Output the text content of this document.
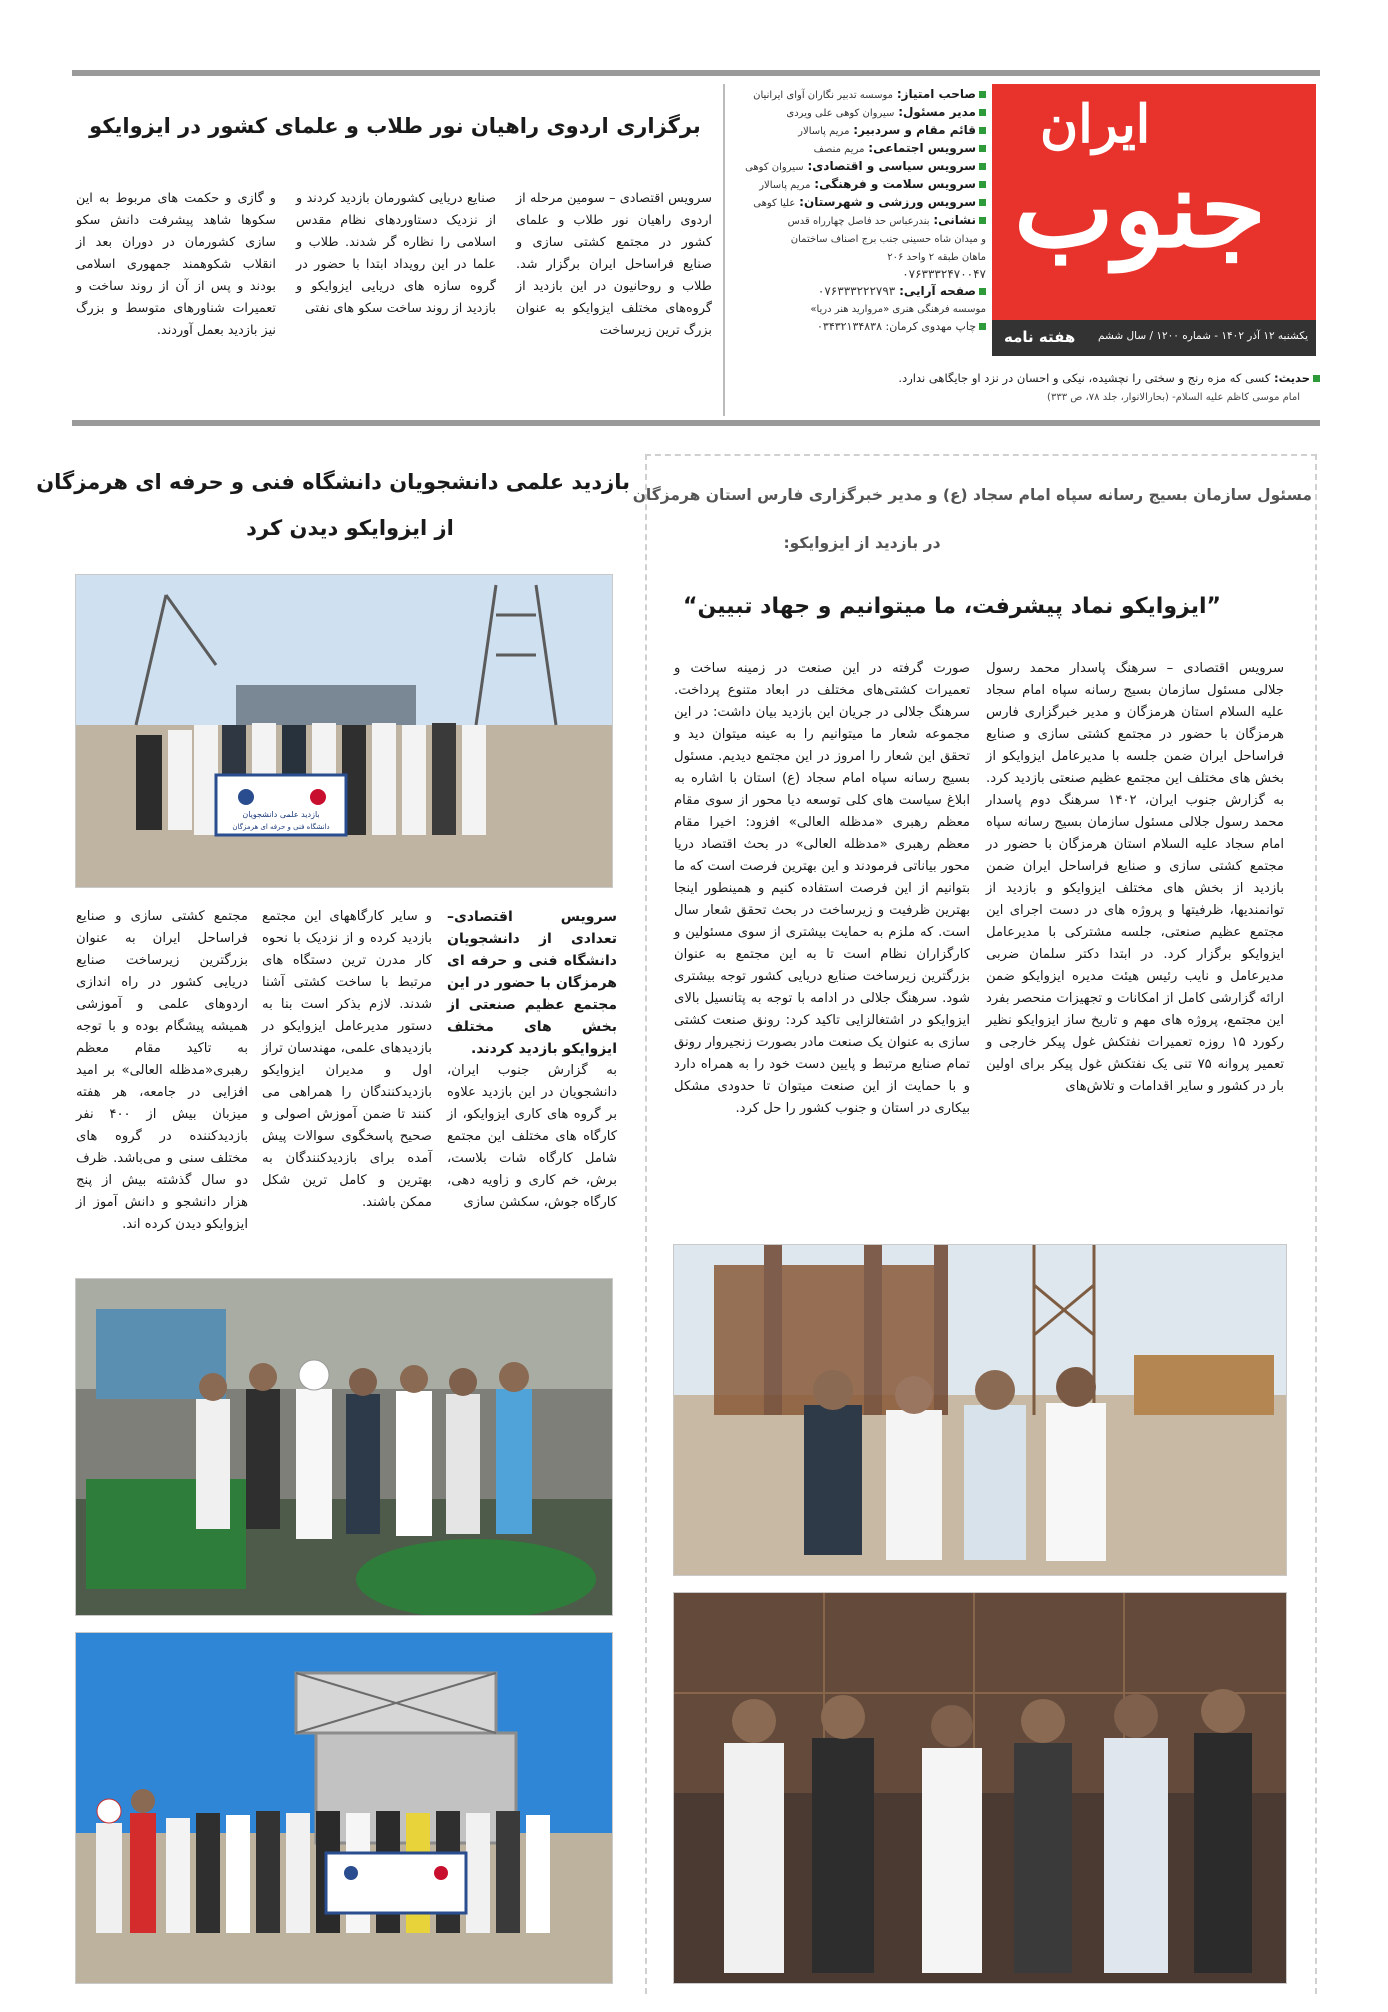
ایران
جنوب
هفته نامه یکشنبه ۱۲ آذر ۱۴۰۲ - شماره ۱۲۰۰ / سال ششم
صاحب امتیاز: موسسه تدبیر نگاران آوای ایرانیان
مدیر مسئول: سیروان کوهی علی ویردی
قائم مقام و سردبیر: مریم پاسالار
سرویس اجتماعی: مریم منصف
سرویس سیاسی و اقتصادی: سیروان کوهی
سرویس سلامت و فرهنگی: مریم پاسالار
سرویس ورزشی و شهرستان: علیا کوهی
نشانی: بندرعباس حد فاصل چهارراه قدس
و میدان شاه حسینی جنب برج اصناف ساختمان
ماهان طبقه ۲ واحد ۲۰۶
۰۷۶۳۳۳۲۴۷۰۰۴۷
صفحه آرایی: ۰۷۶۳۳۳۲۲۲۷۹۳
موسسه فرهنگی هنری «مروارید هنر دریا»
چاپ مهدوی کرمان: ۰۳۴۳۲۱۳۴۸۳۸
حدیث: کسی که مزه رنج و سختی را نچشیده، نیکی و احسان در نزد او جایگاهی ندارد.
امام موسی کاظم علیه السلام- (بحارالانوار، جلد ۷۸، ص ۳۳۳)
برگزاری اردوی راهیان نور طلاب و علمای کشور در ایزوایکو
سرویس اقتصادی – سومین مرحله از اردوی راهیان نور طلاب و علمای کشور در مجتمع کشتی سازی و صنایع فراساحل ایران برگزار شد. طلاب و روحانیون در این بازدید از گروه‌های مختلف ایزوایکو به عنوان بزرگ ترین زیرساخت
صنایع دریایی کشورمان بازدید کردند و از نزدیک دستاوردهای نظام مقدس اسلامی را نظاره گر شدند. طلاب و علما در این رویداد ابتدا با حضور در گروه سازه های دریایی ایزوایکو و بازدید از روند ساخت سکو های نفتی
و گازی و حکمت های مربوط به این سکوها شاهد پیشرفت دانش سکو سازی کشورمان در دوران بعد از انقلاب شکوهمند جمهوری اسلامی بودند و پس از آن از روند ساخت و تعمیرات شناورهای متوسط و بزرگ نیز بازدید بعمل آوردند.
مسئول سازمان بسیج رسانه سپاه امام سجاد (ع) و مدیر خبرگزاری فارس استان هرمزگان
در بازدید از ایزوایکو:
”ایزوایکو نماد پیشرفت، ما میتوانیم و جهاد تبیین“
سرویس اقتصادی – سرهنگ پاسدار محمد رسول جلالی مسئول سازمان بسیج رسانه سپاه امام سجاد علیه السلام استان هرمزگان و مدیر خبرگزاری فارس هرمزگان با حضور در مجتمع کشتی سازی و صنایع فراساحل ایران ضمن جلسه با مدیرعامل ایزوایکو از بخش های مختلف این مجتمع عظیم صنعتی بازدید کرد. به گزارش جنوب ایران، ۱۴۰۲ سرهنگ دوم پاسدار محمد رسول جلالی مسئول سازمان بسیج رسانه سپاه امام سجاد علیه السلام استان هرمزگان با حضور در مجتمع کشتی سازی و صنایع فراساحل ایران ضمن بازدید از بخش های مختلف ایزوایکو و بازدید از توانمندیها، ظرفیتها و پروژه های در دست اجرای این مجتمع عظیم صنعتی، جلسه مشترکی با مدیرعامل ایزوایکو برگزار کرد. در ابتدا دکتر سلمان ضربی مدیرعامل و نایب رئیس هیئت مدیره ایزوایکو ضمن ارائه گزارشی کامل از امکانات و تجهیزات منحصر بفرد این مجتمع، پروژه های مهم و تاریخ ساز ایزوایکو نظیر رکورد ۱۵ روزه تعمیرات نفتکش غول پیکر خارجی و تعمیر پروانه ۷۵ تنی یک نفتکش غول پیکر برای اولین بار در کشور و سایر اقدامات و تلاش‌های
صورت گرفته در این صنعت در زمینه ساخت و تعمیرات کشتی‌های مختلف در ابعاد متنوع پرداخت. سرهنگ جلالی در جریان این بازدید بیان داشت: در این مجموعه شعار ما میتوانیم را به عینه میتوان دید و تحقق این شعار را امروز در این مجتمع دیدیم. مسئول بسیج رسانه سپاه امام سجاد (ع) استان با اشاره به ابلاغ سیاست های کلی توسعه دیا محور از سوی مقام معظم رهبری «مدظله العالی» افزود: اخیرا مقام معظم رهبری «مدظله العالی» در بحث اقتصاد دریا محور بیاناتی فرمودند و این بهترین فرصت است که ما بتوانیم از این فرصت استفاده کنیم و همینطور اینجا بهترین ظرفیت و زیرساخت در بحث تحقق شعار سال است. که ملزم به حمایت بیشتری از سوی مسئولین و کارگزاران نظام است تا به این مجتمع به عنوان بزرگترین زیرساخت صنایع دریایی کشور توجه بیشتری شود. سرهنگ جلالی در ادامه با توجه به پتانسیل بالای ایزوایکو در اشتغالزایی تاکید کرد: رونق صنعت کشتی سازی به عنوان یک صنعت مادر بصورت زنجیروار رونق تمام صنایع مرتبط و پایین دست خود را به همراه دارد و با حمایت از این صنعت میتوان تا حدودی مشکل بیکاری در استان و جنوب کشور را حل کرد.
بازدید علمی دانشجویان دانشگاه فنی و حرفه ای هرمزگان
از ایزوایکو دیدن کرد
بازدید علمی دانشجویان
دانشگاه فنی و حرفه ای هرمزگان

سرویس اقتصادی– تعدادی از دانشجویان دانشگاه فنی و حرفه ای هرمزگان با حضور در این مجتمع عظیم صنعتی از بخش های مختلف ایزوایکو بازدید کردند.

به گزارش جنوب ایران، دانشجویان در این بازدید علاوه بر گروه های کاری ایزوایکو، از کارگاه های مختلف این مجتمع شامل کارگاه شات بلاست، برش، خم کاری و زاویه دهی، کارگاه جوش، سکشن سازی

و سایر کارگاههای این مجتمع بازدید کرده و از نزدیک با نحوه کار مدرن ترین دستگاه های مرتبط با ساخت کشتی آشنا شدند. لازم بذکر است بنا به دستور مدیرعامل ایزوایکو در بازدیدهای علمی، مهندسان تراز اول و مدیران ایزوایکو بازدیدکنندگان را همراهی می کنند تا ضمن آموزش اصولی و صحیح پاسخگوی سوالات پیش آمده برای بازدیدکنندگان به بهترین و کامل ترین شکل ممکن باشند.
مجتمع کشتی سازی و صنایع فراساحل ایران به عنوان بزرگترین زیرساخت صنایع دریایی کشور در راه اندازی اردوهای علمی و آموزشی همیشه پیشگام بوده و با توجه به تاکید مقام معظم رهبری«مدظله العالی» بر امید افزایی در جامعه، هر هفته میزبان بیش از ۴۰۰ نفر بازدیدکننده در گروه های مختلف سنی و می‌باشد. ظرف دو سال گذشته بیش از پنج هزار دانشجو و دانش آموز از ایزوایکو دیدن کرده اند.
